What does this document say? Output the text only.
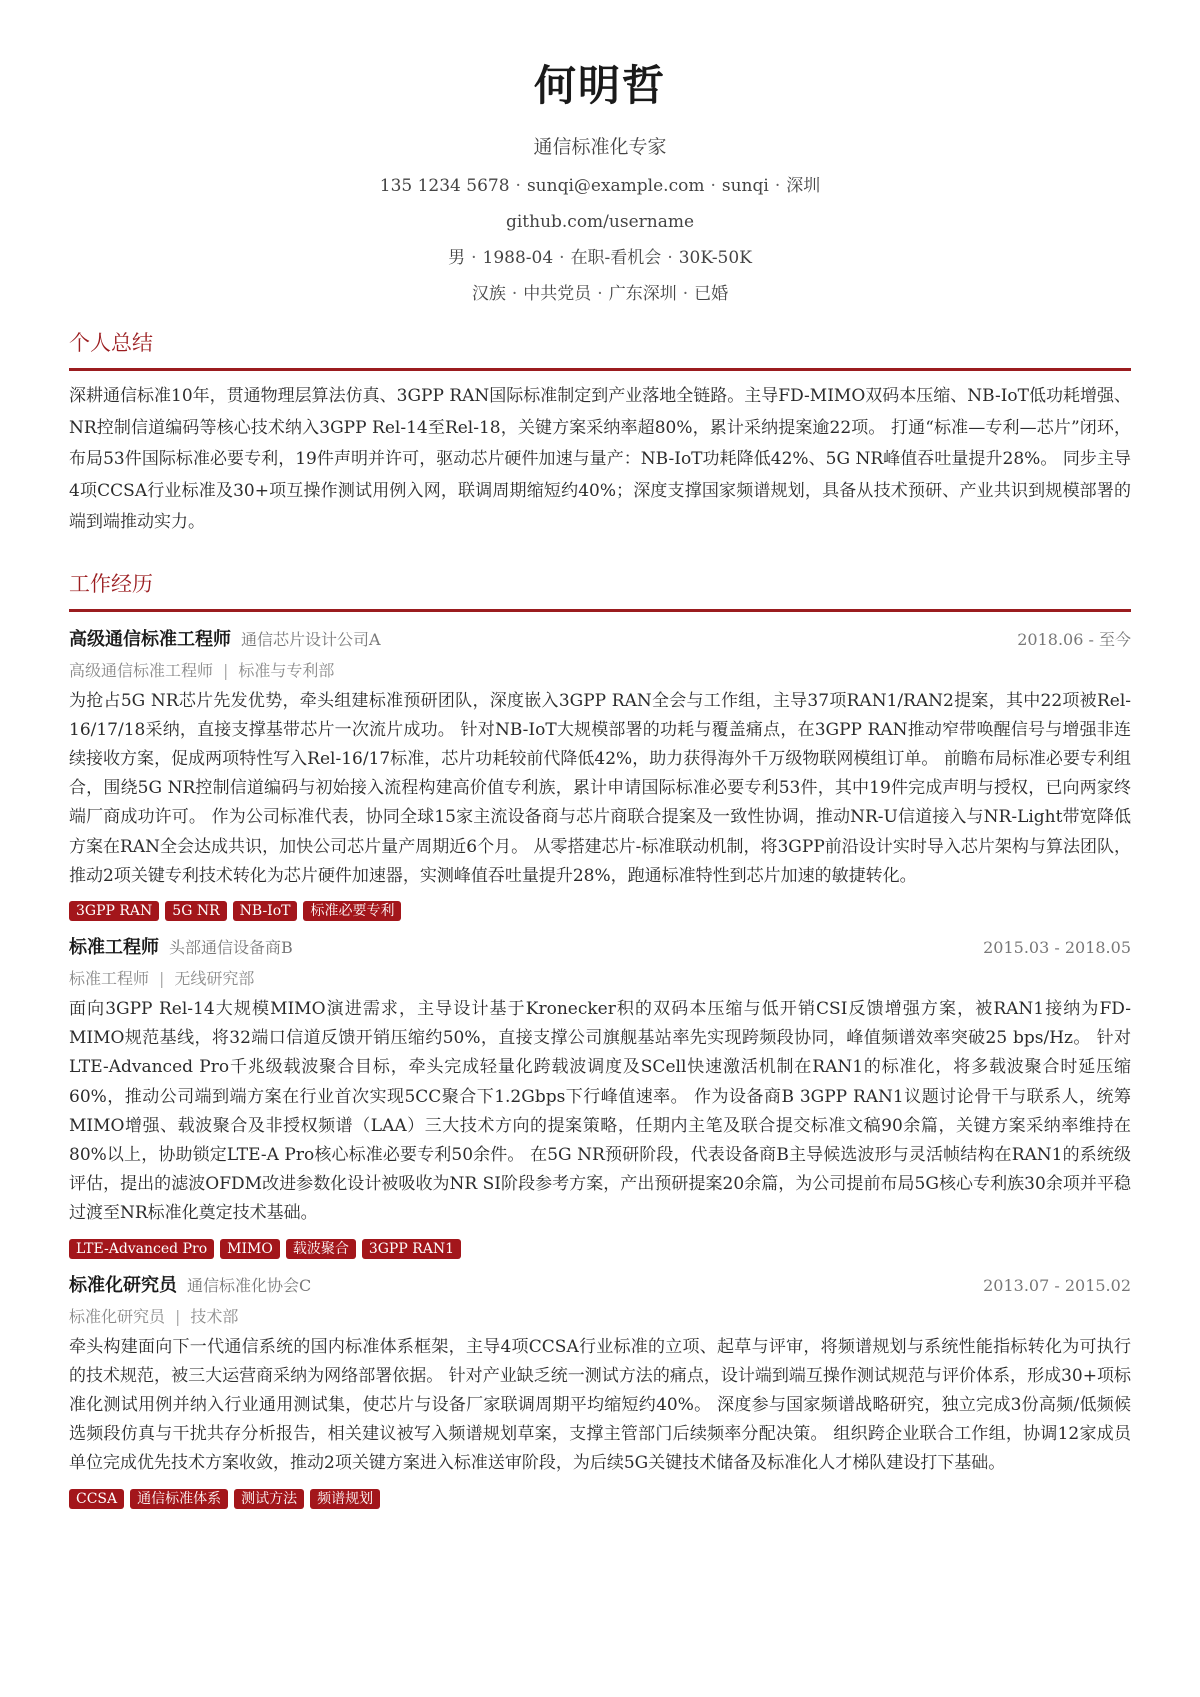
何明哲
通信标准化专家
135 1234 5678 · sunqi@example.com · sunqi · 深圳
github.com/username
男 · 1988-04 · 在职-看机会 · 30K-50K
汉族 · 中共党员 · 广东深圳 · 已婚
个人总结
深耕通信标准10年，贯通物理层算法仿真、3GPP RAN国际标准制定到产业落地全链路。主导FD-MIMO双码本压缩、NB-IoT低功耗增强、NR控制信道编码等核心技术纳入3GPP Rel-14至Rel-18，关键方案采纳率超80%，累计采纳提案逾22项。 打通“标准—专利—芯片”闭环，布局53件国际标准必要专利，19件声明并许可，驱动芯片硬件加速与量产：NB-IoT功耗降低42%、5G NR峰值吞吐量提升28%。 同步主导4项CCSA行业标准及30+项互操作测试用例入网，联调周期缩短约40%；深度支撑国家频谱规划，具备从技术预研、产业共识到规模部署的端到端推动实力。
工作经历
高级通信标准工程师 通信芯片设计公司A	2018.06 - 至今
高级通信标准工程师 | 标准与专利部
为抢占5G NR芯片先发优势，牵头组建标准预研团队，深度嵌入3GPP RAN全会与工作组，主导37项RAN1/RAN2提案，其中22项被Rel-16/17/18采纳，直接支撑基带芯片一次流片成功。 针对NB-IoT大规模部署的功耗与覆盖痛点，在3GPP RAN推动窄带唤醒信号与增强非连续接收方案，促成两项特性写入Rel-16/17标准，芯片功耗较前代降低42%，助力获得海外千万级物联网模组订单。 前瞻布局标准必要专利组合，围绕5G NR控制信道编码与初始接入流程构建高价值专利族，累计申请国际标准必要专利53件，其中19件完成声明与授权，已向两家终端厂商成功许可。 作为公司标准代表，协同全球15家主流设备商与芯片商联合提案及一致性协调，推动NR-U信道接入与NR-Light带宽降低方案在RAN全会达成共识，加快公司芯片量产周期近6个月。 从零搭建芯片-标准联动机制，将3GPP前沿设计实时导入芯片架构与算法团队，推动2项关键专利技术转化为芯片硬件加速器，实测峰值吞吐量提升28%，跑通标准特性到芯片加速的敏捷转化。
3GPP RAN	5G NR	NB-IoT	标准必要专利
标准工程师 头部通信设备商B	2015.03 - 2018.05
标准工程师 | 无线研究部
面向3GPP Rel-14大规模MIMO演进需求，主导设计基于Kronecker积的双码本压缩与低开销CSI反馈增强方案，被RAN1接纳为FD-MIMO规范基线，将32端口信道反馈开销压缩约50%，直接支撑公司旗舰基站率先实现跨频段协同，峰值频谱效率突破25 bps/Hz。 针对LTE-Advanced Pro千兆级载波聚合目标，牵头完成轻量化跨载波调度及SCell快速激活机制在RAN1的标准化，将多载波聚合时延压缩60%，推动公司端到端方案在行业首次实现5CC聚合下1.2Gbps下行峰值速率。 作为设备商B 3GPP RAN1议题讨论骨干与联系人，统筹MIMO增强、载波聚合及非授权频谱（LAA）三大技术方向的提案策略，任期内主笔及联合提交标准文稿90余篇，关键方案采纳率维持在80%以上，协助锁定LTE-A Pro核心标准必要专利50余件。 在5G NR预研阶段，代表设备商B主导候选波形与灵活帧结构在RAN1的系统级评估，提出的滤波OFDM改进参数化设计被吸收为NR SI阶段参考方案，产出预研提案20余篇，为公司提前布局5G核心专利族30余项并平稳过渡至NR标准化奠定技术基础。
LTE-Advanced Pro	MIMO	载波聚合	3GPP RAN1
标准化研究员 通信标准化协会C	2013.07 - 2015.02
标准化研究员 | 技术部
牵头构建面向下一代通信系统的国内标准体系框架，主导4项CCSA行业标准的立项、起草与评审，将频谱规划与系统性能指标转化为可执行的技术规范，被三大运营商采纳为网络部署依据。 针对产业缺乏统一测试方法的痛点，设计端到端互操作测试规范与评价体系，形成30+项标准化测试用例并纳入行业通用测试集，使芯片与设备厂家联调周期平均缩短约40%。 深度参与国家频谱战略研究，独立完成3份高频/低频候选频段仿真与干扰共存分析报告，相关建议被写入频谱规划草案，支撑主管部门后续频率分配决策。 组织跨企业联合工作组，协调12家成员单位完成优先技术方案收敛，推动2项关键方案进入标准送审阶段，为后续5G关键技术储备及标准化人才梯队建设打下基础。
CCSA	通信标准体系	测试方法	频谱规划
